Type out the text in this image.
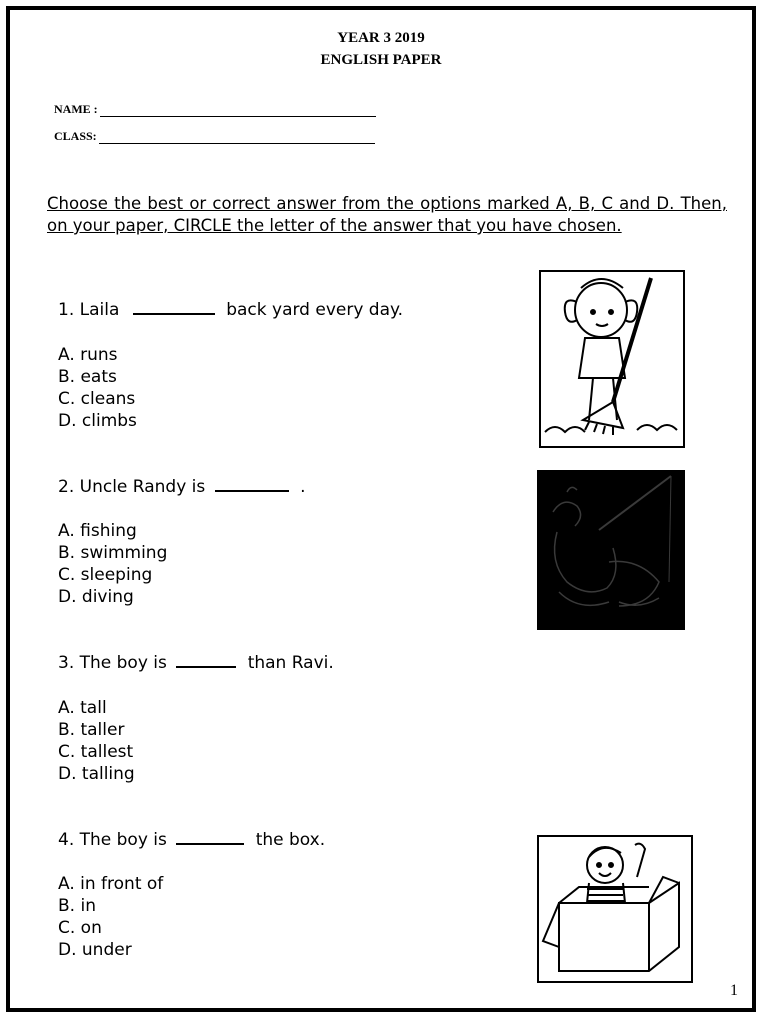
YEAR 3 2019
ENGLISH PAPER
NAME :
CLASS:
Choose the best or correct answer from the options marked A, B, C and D. Then, on your paper, CIRCLE the letter of the answer that you have chosen.
1. Laila	back yard every day.
A. runs
B. eats
C. cleans
D. climbs
2. Uncle Randy is	.
A. fishing
B. swimming
C. sleeping
D. diving
3. The boy is	than Ravi.
A. tall
B. taller
C. tallest
D. talling
4. The boy is	the box.
A. in front of
B. in
C. on
D. under
1
